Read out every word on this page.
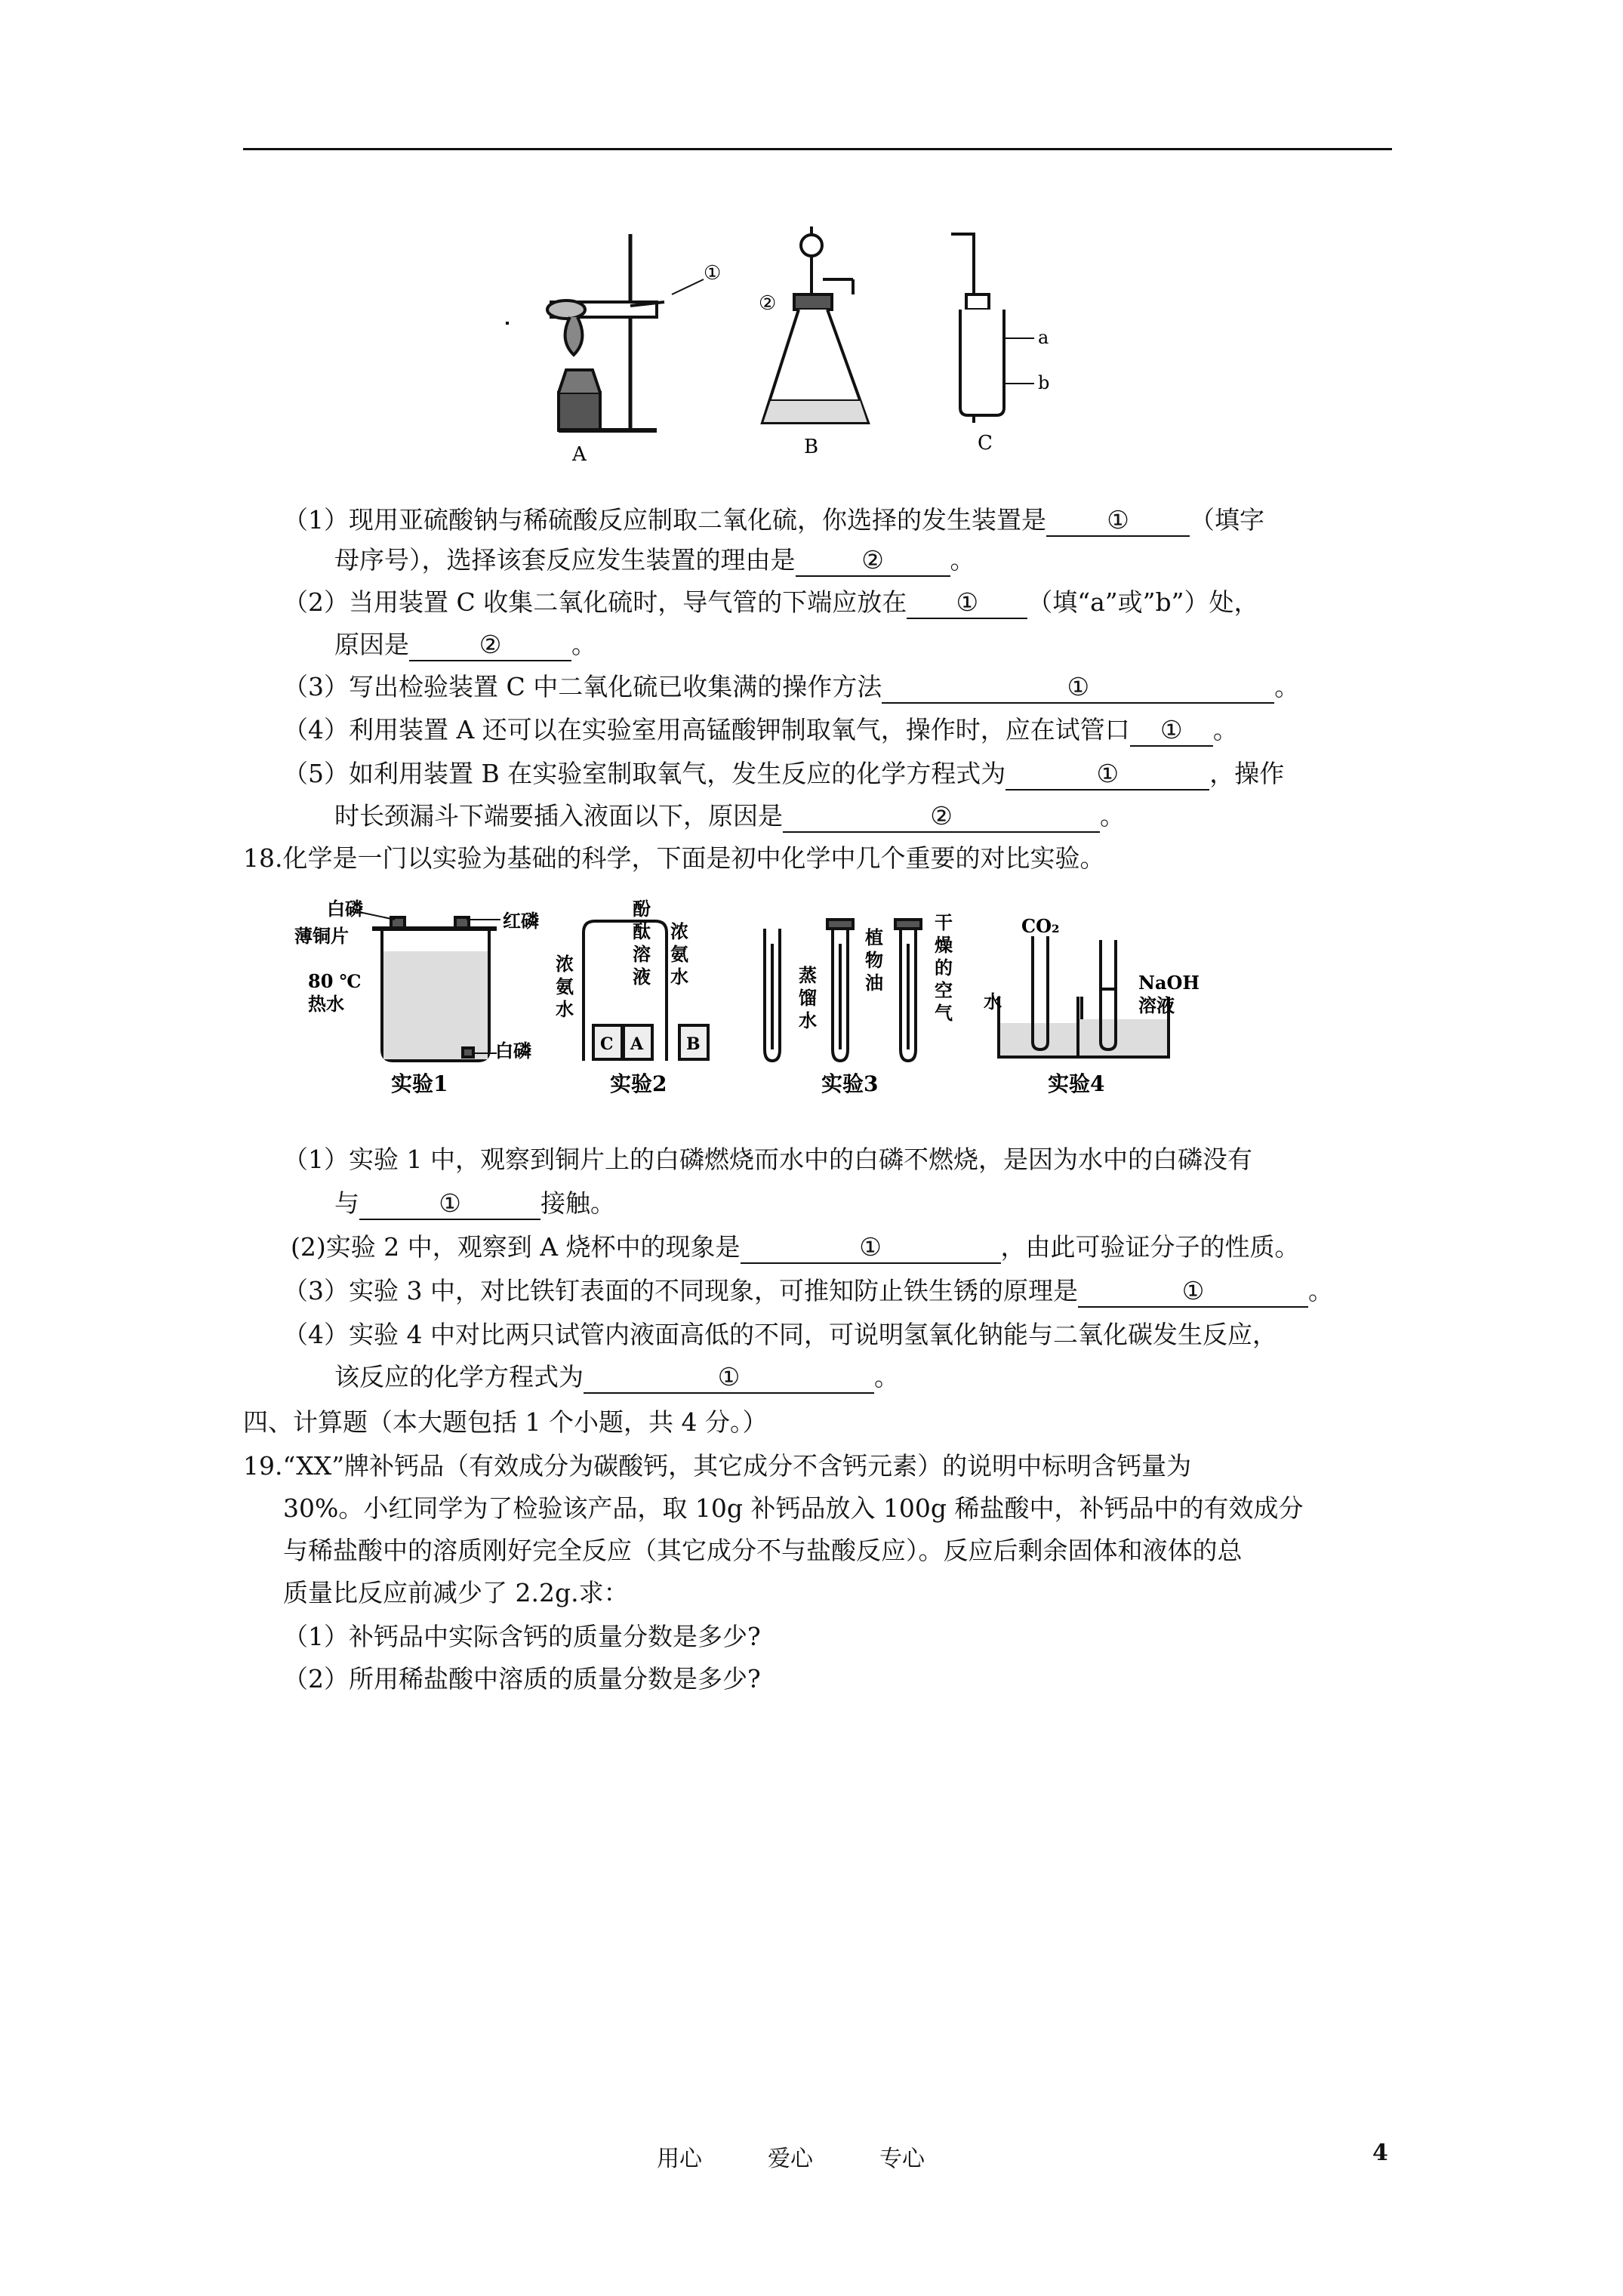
①
A
②
B
a
b
C
（1）现用亚硫酸钠与稀硫酸反应制取二氧化硫，你选择的发生装置是 ① （填字
母序号），选择该套反应发生装置的理由是	②	。
（2）当用装置 C 收集二氧化硫时，导气管的下端应放在 ① （填“a”或”b”）处，
原因是	②	。
（3）写出检验装置 C 中二氧化硫已收集满的操作方法	①	。
（4）利用装置 A 还可以在实验室用高锰酸钾制取氧气，操作时，应在试管口 ① 。
（5）如利用装置 B 在实验室制取氧气，发生反应的化学方程式为	①	，操作
时长颈漏斗下端要插入液面以下，原因是	②	。
18.化学是一门以实验为基础的科学，下面是初中化学中几个重要的对比实验。
白磷
红磷
薄铜片
80 ℃
热水
白磷
实验1
C A	B
浓
氨
水
酚
酞
溶
液
浓
氨
水
实验2
蒸
馏
水
植
物
油
干
燥
的
空
气
实验3
CO₂
水
NaOH
溶液
实验4
（1）实验 1 中，观察到铜片上的白磷燃烧而水中的白磷不燃烧，是因为水中的白磷没有
与	①	接触。
(2)实验 2 中，观察到 A 烧杯中的现象是	①	，由此可验证分子的性质。
（3）实验 3 中，对比铁钉表面的不同现象，可推知防止铁生锈的原理是	①	。
（4）实验 4 中对比两只试管内液面高低的不同，可说明氢氧化钠能与二氧化碳发生反应，
该反应的化学方程式为	①	。
四、计算题（本大题包括 1 个小题，共 4 分。）
19.“XX”牌补钙品（有效成分为碳酸钙，其它成分不含钙元素）的说明中标明含钙量为
30%。小红同学为了检验该产品，取 10g 补钙品放入 100g 稀盐酸中，补钙品中的有效成分
与稀盐酸中的溶质刚好完全反应（其它成分不与盐酸反应）。反应后剩余固体和液体的总
质量比反应前减少了 2.2g.求：
（1）补钙品中实际含钙的质量分数是多少?
（2）所用稀盐酸中溶质的质量分数是多少?
用心	爱心	专心	4
